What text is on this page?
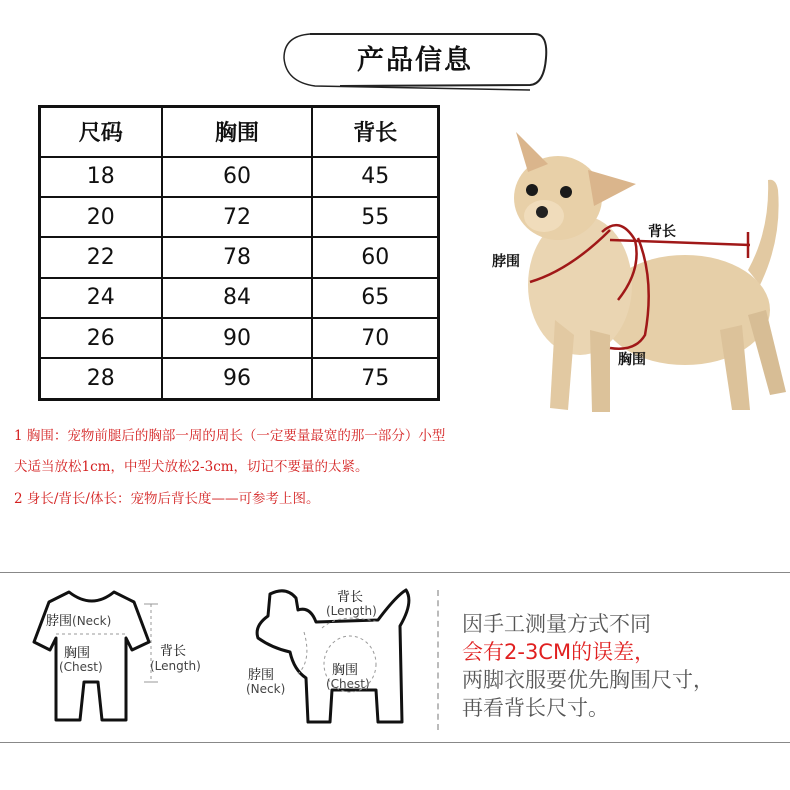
产品信息
尺码	胸围	背长
18	60	45
20	72	55
22	78	60
24	84	65
26	90	70
28	96	75
脖围
背长
胸围
1 胸围：宠物前腿后的胸部一周的周长（一定要量最宽的那一部分）小型
犬适当放松1cm，中型犬放松2-3cm，切记不要量的太紧。
2 身长/背长/体长：宠物后背长度——可参考上图。
脖围(Neck)
胸围
(Chest)
背长
(Length)
背长
(Length)
脖围
(Neck)
胸围
(Chest)
因手工测量方式不同
会有2-3CM的误差，
两脚衣服要优先胸围尺寸，
再看背长尺寸。
